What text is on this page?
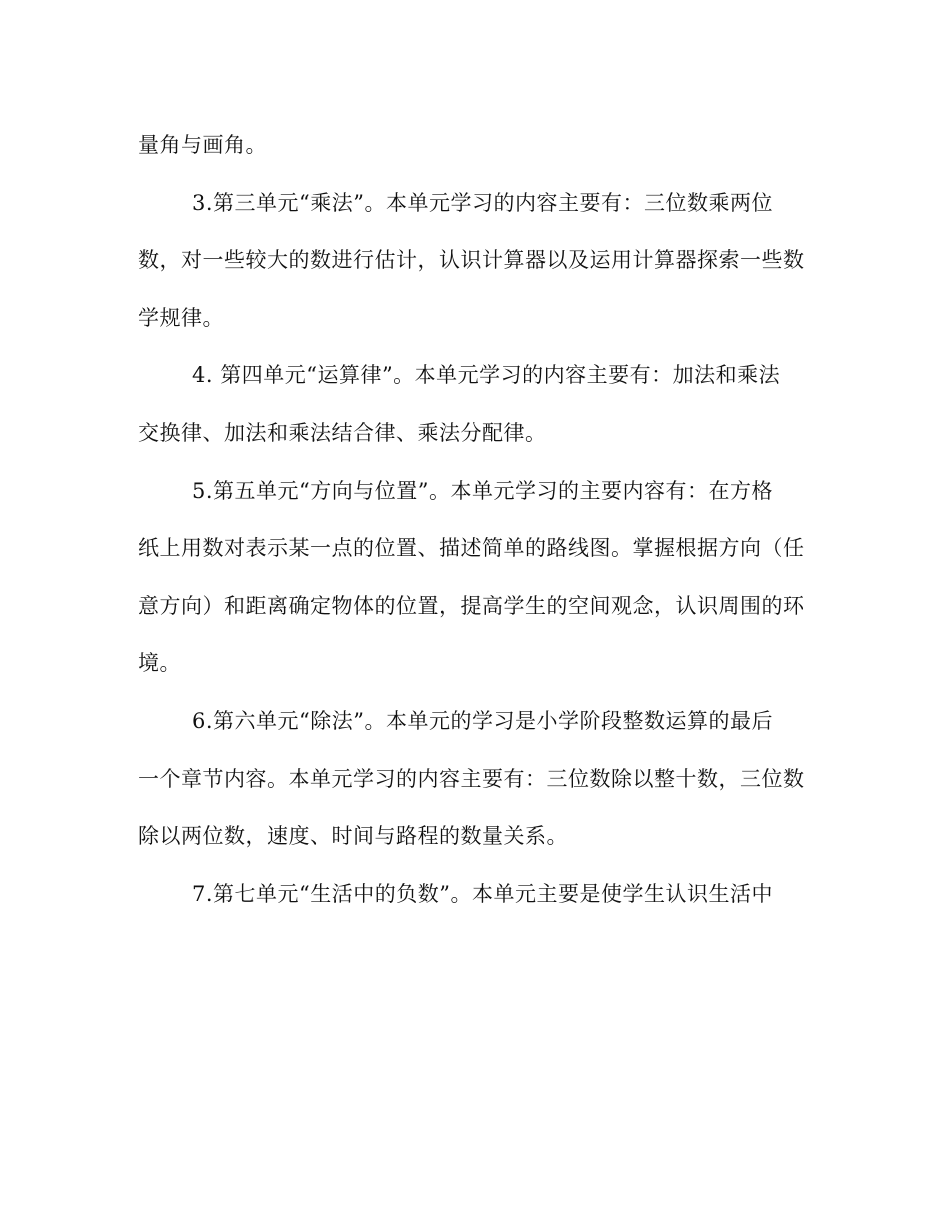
量角与画角。
3.第三单元“乘法”。本单元学习的内容主要有：三位数乘两位
数，对一些较大的数进行估计，认识计算器以及运用计算器探索一些数
学规律。
4. 第四单元“运算律”。本单元学习的内容主要有：加法和乘法
交换律、加法和乘法结合律、乘法分配律。
5.第五单元“方向与位置”。本单元学习的主要内容有：在方格
纸上用数对表示某一点的位置、描述简单的路线图。掌握根据方向（任
意方向）和距离确定物体的位置，提高学生的空间观念，认识周围的环
境。
6.第六单元“除法”。本单元的学习是小学阶段整数运算的最后
一个章节内容。本单元学习的内容主要有：三位数除以整十数，三位数
除以两位数，速度、时间与路程的数量关系。
7.第七单元“生活中的负数”。本单元主要是使学生认识生活中
